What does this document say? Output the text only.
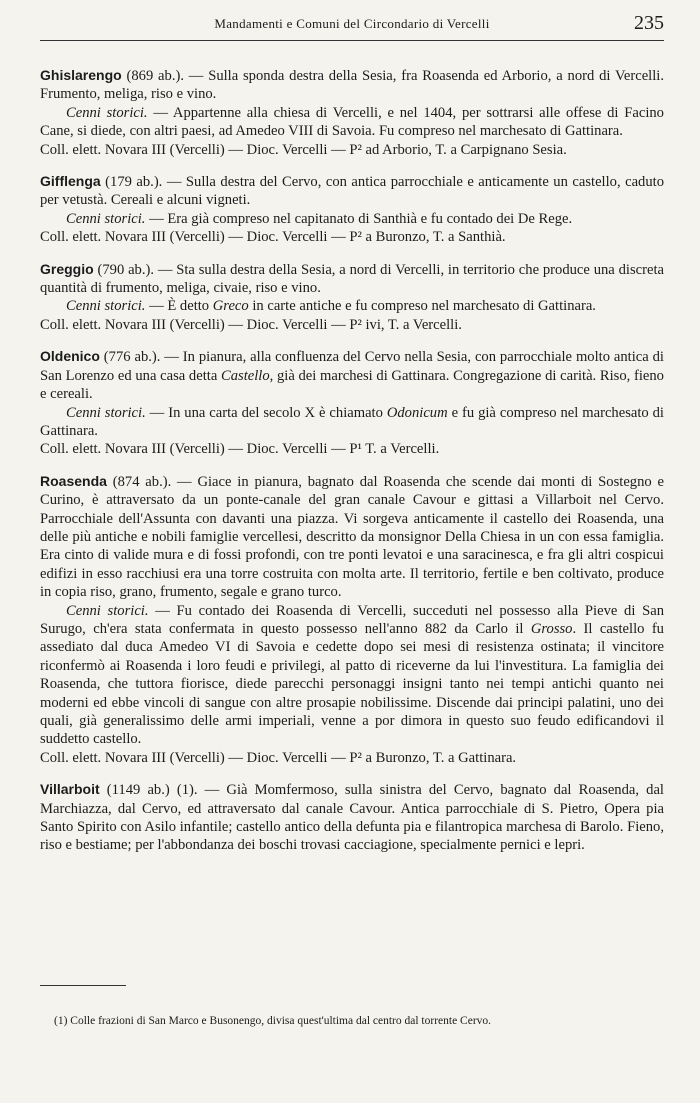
Mandamenti e Comuni del Circondario di Vercelli	235

Ghislarengo (869 ab.). — Sulla sponda destra della Sesia, fra Roasenda ed Arborio, a nord di Vercelli. Frumento, meliga, riso e vino.

Cenni storici. — Appartenne alla chiesa di Vercelli, e nel 1404, per sottrarsi alle offese di Facino Cane, si diede, con altri paesi, ad Amedeo VIII di Savoia. Fu compreso nel marchesato di Gattinara.

Coll. elett. Novara III (Vercelli) — Dioc. Vercelli — P² ad Arborio, T. a Carpignano Sesia.

Gifflenga (179 ab.). — Sulla destra del Cervo, con antica parrocchiale e anticamente un castello, caduto per vetustà. Cereali e alcuni vigneti.

Cenni storici. — Era già compreso nel capitanato di Santhià e fu contado dei De Rege.

Coll. elett. Novara III (Vercelli) — Dioc. Vercelli — P² a Buronzo, T. a Santhià.

Greggio (790 ab.). — Sta sulla destra della Sesia, a nord di Vercelli, in territorio che produce una discreta quantità di frumento, meliga, civaie, riso e vino.

Cenni storici. — È detto Greco in carte antiche e fu compreso nel marchesato di Gattinara.

Coll. elett. Novara III (Vercelli) — Dioc. Vercelli — P² ivi, T. a Vercelli.

Oldenico (776 ab.). — In pianura, alla confluenza del Cervo nella Sesia, con parrocchiale molto antica di San Lorenzo ed una casa detta Castello, già dei marchesi di Gattinara. Congregazione di carità. Riso, fieno e cereali.

Cenni storici. — In una carta del secolo X è chiamato Odonicum e fu già compreso nel marchesato di Gattinara.

Coll. elett. Novara III (Vercelli) — Dioc. Vercelli — P¹ T. a Vercelli.

Roasenda (874 ab.). — Giace in pianura, bagnato dal Roasenda che scende dai monti di Sostegno e Curino, è attraversato da un ponte-canale del gran canale Cavour e gittasi a Villarboit nel Cervo. Parrocchiale dell'Assunta con davanti una piazza. Vi sorgeva anticamente il castello dei Roasenda, una delle più antiche e nobili famiglie vercellesi, descritto da monsignor Della Chiesa in un con essa famiglia. Era cinto di valide mura e di fossi profondi, con tre ponti levatoi e una saracinesca, e fra gli altri cospicui edifizi in esso racchiusi era una torre costruita con molta arte. Il territorio, fertile e ben coltivato, produce in copia riso, grano, frumento, segale e grano turco.

Cenni storici. — Fu contado dei Roasenda di Vercelli, succeduti nel possesso alla Pieve di San Surugo, ch'era stata confermata in questo possesso nell'anno 882 da Carlo il Grosso. Il castello fu assediato dal duca Amedeo VI di Savoia e cedette dopo sei mesi di resistenza ostinata; il vincitore riconfermò ai Roasenda i loro feudi e privilegi, al patto di riceverne da lui l'investitura. La famiglia dei Roasenda, che tuttora fiorisce, diede parecchi personaggi insigni tanto nei tempi antichi quanto nei moderni ed ebbe vincoli di sangue con altre prosapie nobilissime. Discende dai principi palatini, uno dei quali, già generalissimo delle armi imperiali, venne a por dimora in questo suo feudo edificandovi il suddetto castello.

Coll. elett. Novara III (Vercelli) — Dioc. Vercelli — P² a Buronzo, T. a Gattinara.

Villarboit (1149 ab.) (1). — Già Momfermoso, sulla sinistra del Cervo, bagnato dal Roasenda, dal Marchiazza, dal Cervo, ed attraversato dal canale Cavour. Antica parrocchiale di S. Pietro, Opera pia Santo Spirito con Asilo infantile; castello antico della defunta pia e filantropica marchesa di Barolo. Fieno, riso e bestiame; per l'abbondanza dei boschi trovasi cacciagione, specialmente pernici e lepri.

(1) Colle frazioni di San Marco e Busonengo, divisa quest'ultima dal centro dal torrente Cervo.
